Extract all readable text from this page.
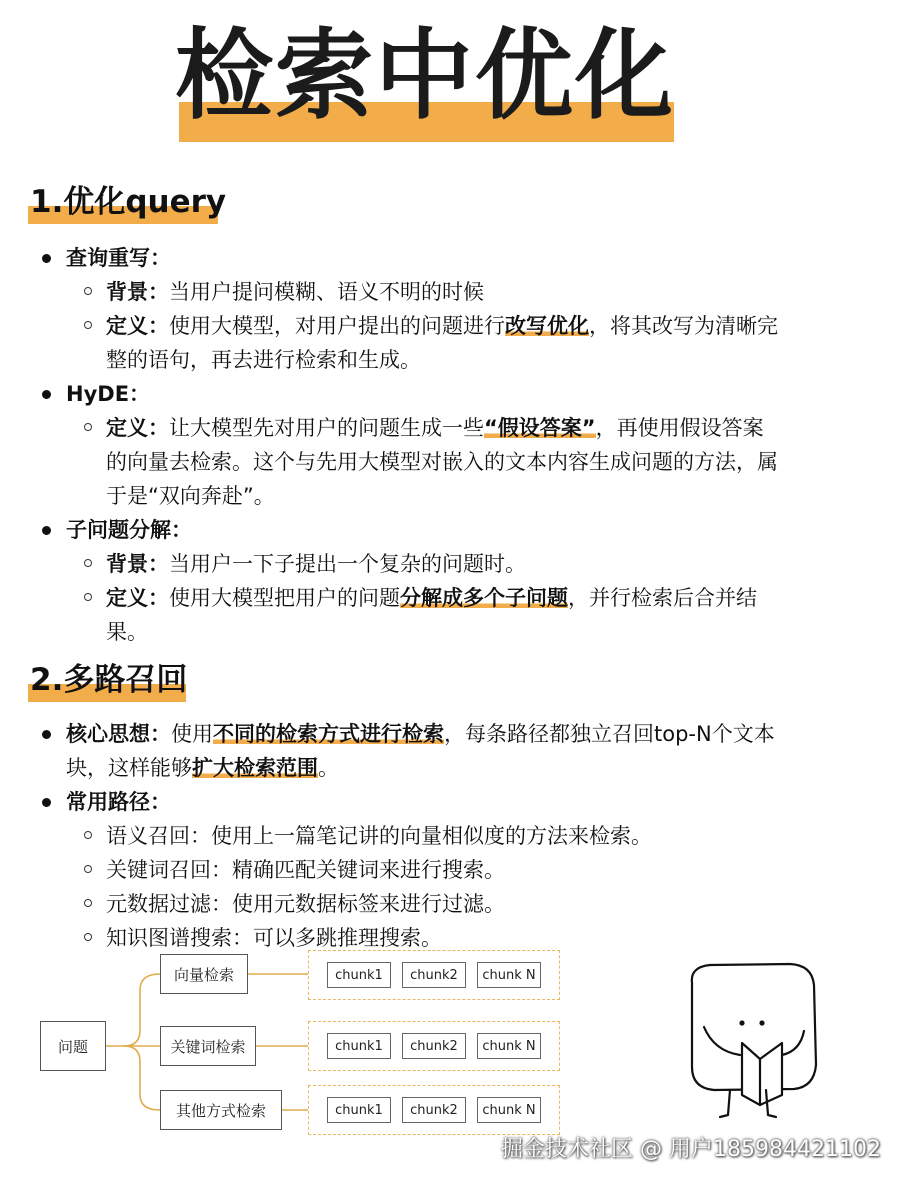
检索中优化
1.优化query
查询重写：
背景：当用户提问模糊、语义不明的时候
定义：使用大模型，对用户提出的问题进行改写优化，将其改写为清晰完
整的语句，再去进行检索和生成。
HyDE：
定义：让大模型先对用户的问题生成一些“假设答案”，再使用假设答案
的向量去检索。这个与先用大模型对嵌入的文本内容生成问题的方法，属
于是“双向奔赴”。
子问题分解：
背景：当用户一下子提出一个复杂的问题时。
定义：使用大模型把用户的问题分解成多个子问题，并行检索后合并结
果。
2.多路召回
核心思想：使用不同的检索方式进行检索，每条路径都独立召回top-N个文本
块，这样能够扩大检索范围。
常用路径：
语义召回：使用上一篇笔记讲的向量相似度的方法来检索。
关键词召回：精确匹配关键词来进行搜索。
元数据过滤：使用元数据标签来进行过滤。
知识图谱搜索：可以多跳推理搜索。
问题
向量检索
关键词检索
其他方式检索
chunk1	chunk2	chunk N
chunk1	chunk2	chunk N
chunk1	chunk2	chunk N
掘金技术社区 @ 用户185984421102
